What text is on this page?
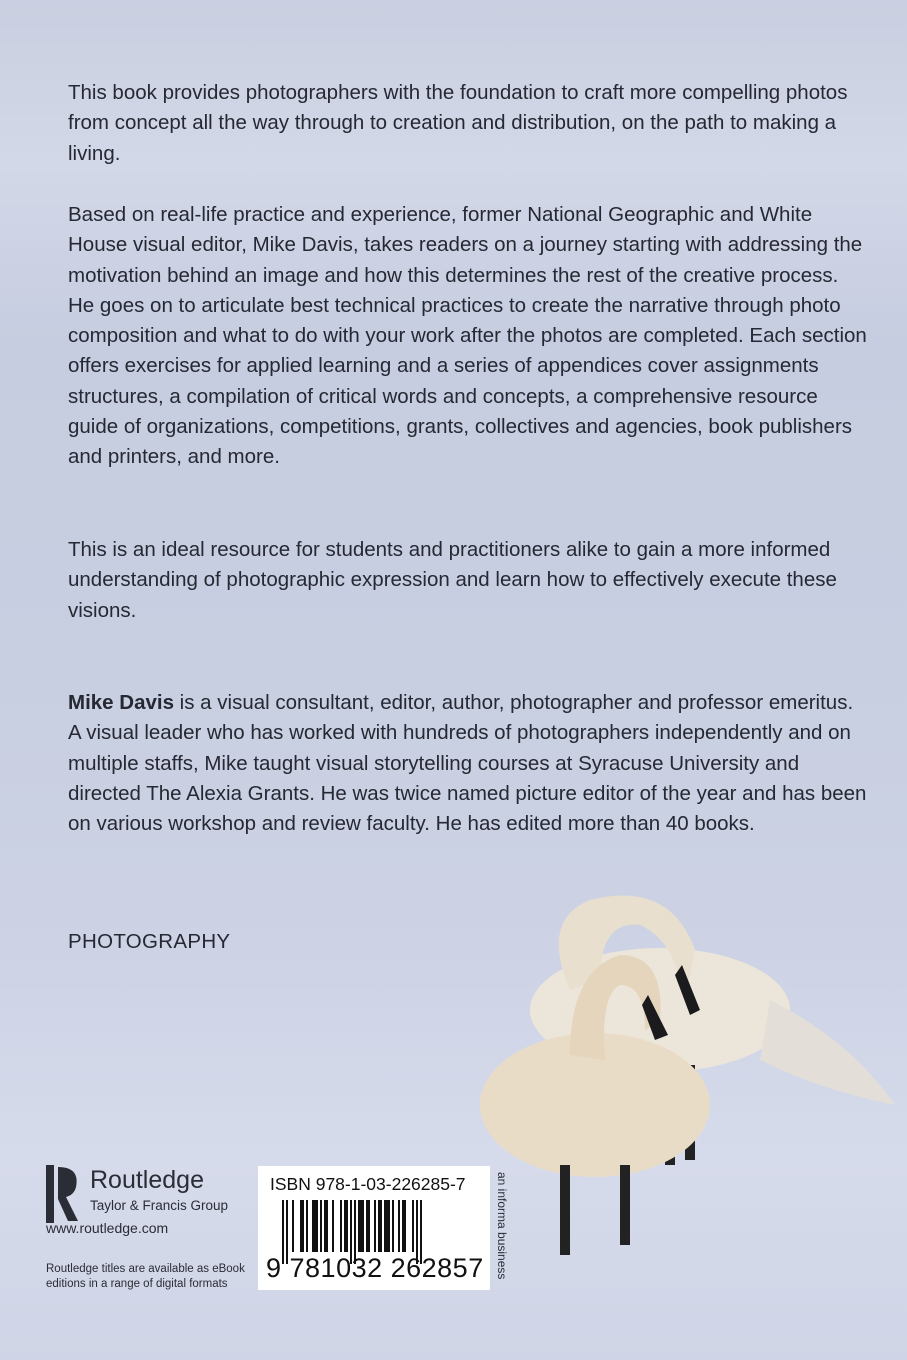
This book provides photographers with the foundation to craft more compelling photos from concept all the way through to creation and distribution, on the path to making a living.

Based on real-life practice and experience, former National Geographic and White House visual editor, Mike Davis, takes readers on a journey starting with addressing the motivation behind an image and how this determines the rest of the creative process. He goes on to articulate best technical practices to create the narrative through photo composition and what to do with your work after the photos are completed. Each section offers exercises for applied learning and a series of appendices cover assignments structures, a compilation of critical words and concepts, a comprehensive resource guide of organizations, competitions, grants, collectives and agencies, book publishers and printers, and more.

This is an ideal resource for students and practitioners alike to gain a more informed understanding of photographic expression and learn how to effectively execute these visions.

Mike Davis is a visual consultant, editor, author, photographer and professor emeritus. A visual leader who has worked with hundreds of photographers independently and on multiple staffs, Mike taught visual storytelling courses at Syracuse University and directed The Alexia Grants. He was twice named picture editor of the year and has been on various workshop and review faculty. He has edited more than 40 books.

PHOTOGRAPHY
Routledge
Taylor & Francis Group
www.routledge.com
Routledge titles are available as eBook editions in a range of digital formats
ISBN 978-1-03-226285-7
9 781032 262857 an informa business
